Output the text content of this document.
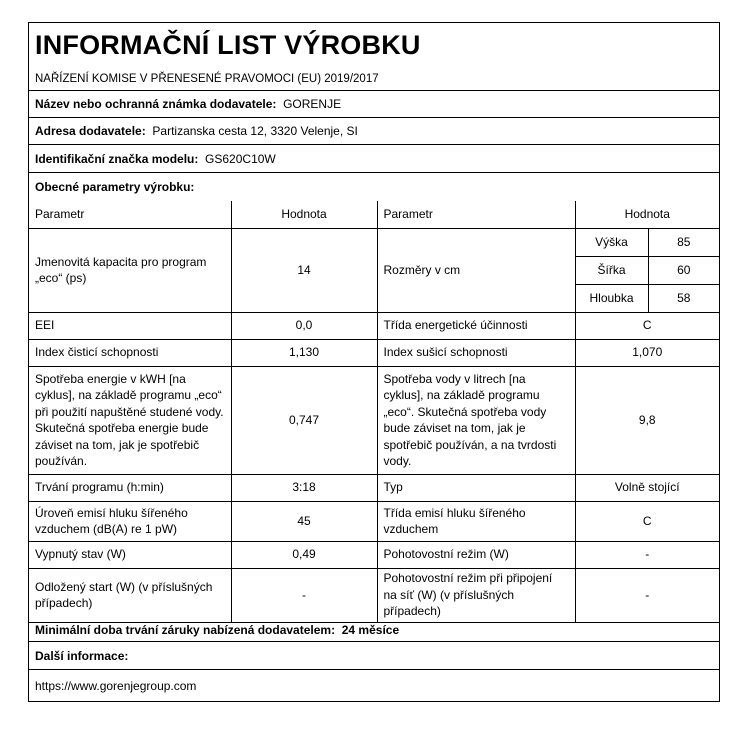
INFORMAČNÍ LIST VÝROBKU
NAŘÍZENÍ KOMISE V PŘENESENÉ PRAVOMOCI (EU) 2019/2017
Název nebo ochranná známka dodavatele: GORENJE
Adresa dodavatele: Partizanska cesta 12, 3320 Velenje, SI
Identifikační značka modelu: GS620C10W
Obecné parametry výrobku:
Parametr	Hodnota	Parametr	Hodnota	
Jmenovitá kapacita pro program „eco“ (ps)	14	Rozměry v cm	Výška	85
			Šířka	60
			Hloubka	58
EEI	0,0	Třída energetické účinnosti	C	
Index čisticí schopnosti	1,130	Index sušicí schopnosti	1,070	
Spotřeba energie v kWH [na cyklus], na základě programu „eco“ při použití napuštěné studené vody. Skutečná spotřeba energie bude záviset na tom, jak je spotřebič používán.	0,747	Spotřeba vody v litrech [na cyklus], na základě programu „eco“. Skutečná spotřeba vody bude záviset na tom, jak je spotřebič používán, a na tvrdosti vody.	9,8	
Trvání programu (h:min)	3:18	Typ	Volně stojící	
Úroveň emisí hluku šířeného vzduchem (dB(A) re 1 pW)	45	Třída emisí hluku šířeného vzduchem	C	
Vypnutý stav (W)	0,49	Pohotovostní režim (W)	-	
Odložený start (W) (v příslušných případech)	-	Pohotovostní režim při připojení na síť (W) (v příslušných případech)	-	
Minimální doba trvání záruky nabízená dodavatelem: 24 měsíce
Další informace:
https://www.gorenjegroup.com
